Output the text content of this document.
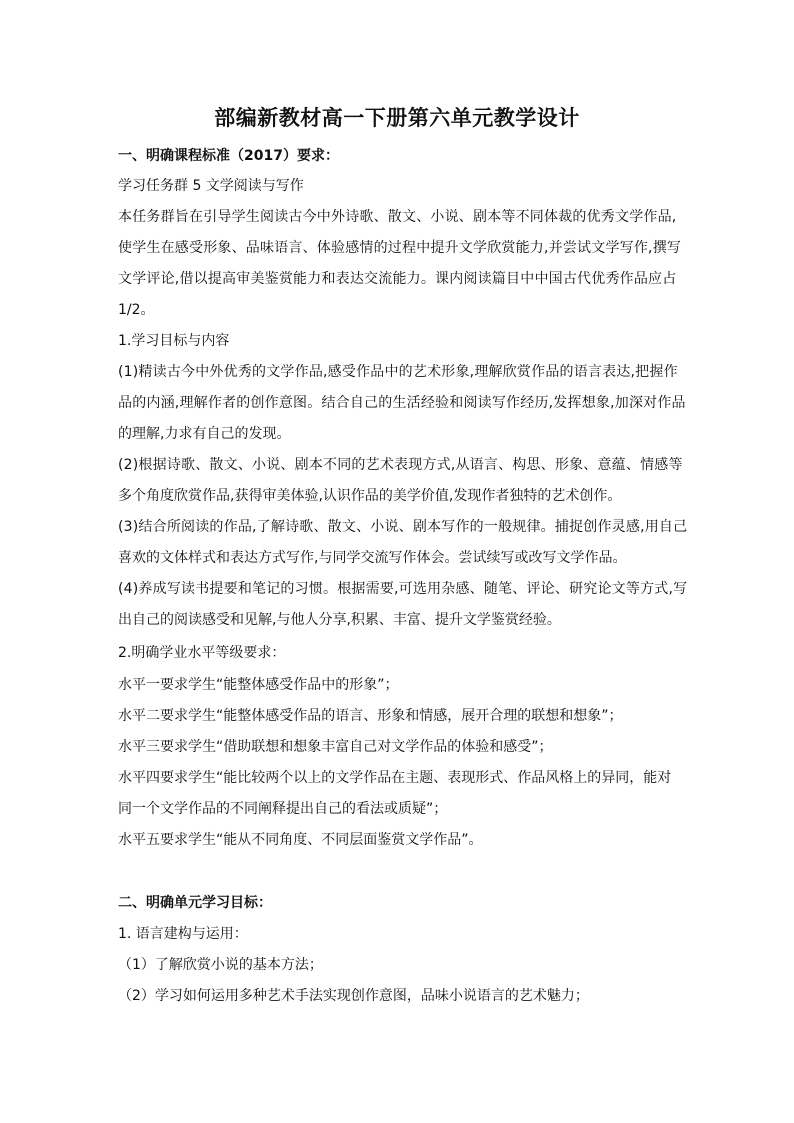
部编新教材高一下册第六单元教学设计
一、明确课程标准（2017）要求：
学习任务群 5 文学阅读与写作
本任务群旨在引导学生阅读古今中外诗歌、散文、小说、剧本等不同体裁的优秀文学作品,
使学生在感受形象、品味语言、体验感情的过程中提升文学欣赏能力,并尝试文学写作,撰写
文学评论,借以提高审美鉴赏能力和表达交流能力。课内阅读篇目中中国古代优秀作品应占
1/2。
1.学习目标与内容
(1)精读古今中外优秀的文学作品,感受作品中的艺术形象,理解欣赏作品的语言表达,把握作
品的内涵,理解作者的创作意图。结合自己的生活经验和阅读写作经历,发挥想象,加深对作品
的理解,力求有自己的发现。
(2)根据诗歌、散文、小说、剧本不同的艺术表现方式,从语言、构思、形象、意蕴、情感等
多个角度欣赏作品,获得审美体验,认识作品的美学价值,发现作者独特的艺术创作。
(3)结合所阅读的作品,了解诗歌、散文、小说、剧本写作的一般规律。捕捉创作灵感,用自己
喜欢的文体样式和表达方式写作,与同学交流写作体会。尝试续写或改写文学作品。
(4)养成写读书提要和笔记的习惯。根据需要,可选用杂感、随笔、评论、研究论文等方式,写
出自己的阅读感受和见解,与他人分享,积累、丰富、提升文学鉴赏经验。
2.明确学业水平等级要求：
水平一要求学生“能整体感受作品中的形象”；
水平二要求学生“能整体感受作品的语言、形象和情感，展开合理的联想和想象”；
水平三要求学生“借助联想和想象丰富自己对文学作品的体验和感受”；
水平四要求学生“能比较两个以上的文学作品在主题、表现形式、作品风格上的异同，能对
同一个文学作品的不同阐释提出自己的看法或质疑”；
水平五要求学生“能从不同角度、不同层面鉴赏文学作品”。
二、明确单元学习目标：
1. 语言建构与运用：
（1）了解欣赏小说的基本方法；
（2）学习如何运用多种艺术手法实现创作意图，品味小说语言的艺术魅力；
